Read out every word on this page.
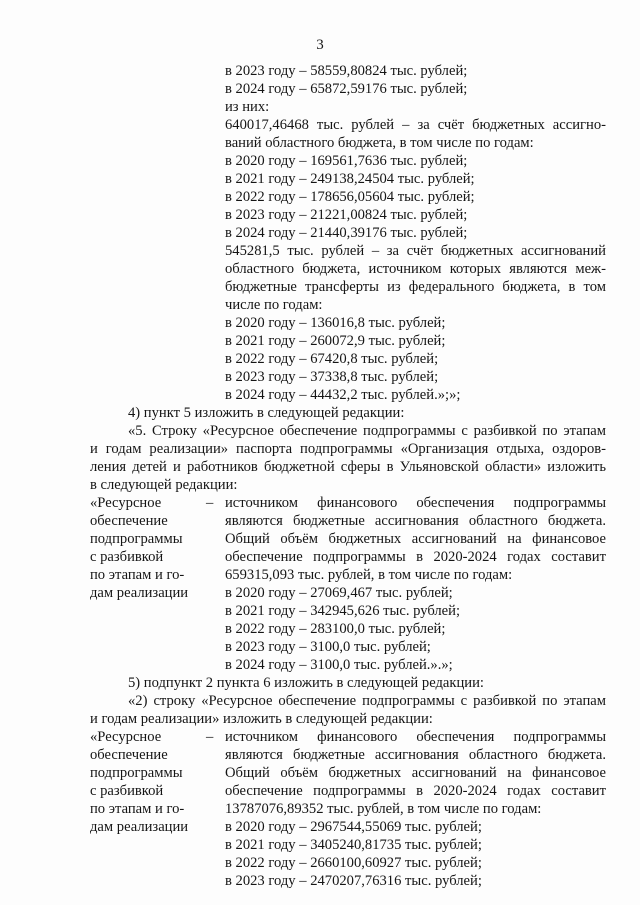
3
в 2023 году – 58559,80824 тыс. рублей;
в 2024 году – 65872,59176 тыс. рублей;
из них:
640017,46468 тыс. рублей – за счёт бюджетных ассигно-
ваний областного бюджета, в том числе по годам:
в 2020 году – 169561,7636 тыс. рублей;
в 2021 году – 249138,24504 тыс. рублей;
в 2022 году – 178656,05604 тыс. рублей;
в 2023 году – 21221,00824 тыс. рублей;
в 2024 году – 21440,39176 тыс. рублей;
545281,5 тыс. рублей – за счёт бюджетных ассигнований
областного бюджета, источником которых являются меж-
бюджетные трансферты из федерального бюджета, в том
числе по годам:
в 2020 году – 136016,8 тыс. рублей;
в 2021 году – 260072,9 тыс. рублей;
в 2022 году – 67420,8 тыс. рублей;
в 2023 году – 37338,8 тыс. рублей;
в 2024 году – 44432,2 тыс. рублей.»;»;
4) пункт 5 изложить в следующей редакции:
«5. Строку «Ресурсное обеспечение подпрограммы с разбивкой по этапам
и годам реализации» паспорта подпрограммы «Организация отдыха, оздоров-
ления детей и работников бюджетной сферы в Ульяновской области» изложить
в следующей редакции:
«Ресурсное
обеспечение
подпрограммы
с разбивкой
по этапам и го-
дам реализации
– источником финансового обеспечения подпрограммы
являются бюджетные ассигнования областного бюджета.
Общий объём бюджетных ассигнований на финансовое
обеспечение подпрограммы в 2020-2024 годах составит
659315,093 тыс. рублей, в том числе по годам:
в 2020 году – 27069,467 тыс. рублей;
в 2021 году – 342945,626 тыс. рублей;
в 2022 году – 283100,0 тыс. рублей;
в 2023 году – 3100,0 тыс. рублей;
в 2024 году – 3100,0 тыс. рублей.».»;
5) подпункт 2 пункта 6 изложить в следующей редакции:
«2) строку «Ресурсное обеспечение подпрограммы с разбивкой по этапам
и годам реализации» изложить в следующей редакции:
«Ресурсное
обеспечение
подпрограммы
с разбивкой
по этапам и го-
дам реализации
– источником финансового обеспечения подпрограммы
являются бюджетные ассигнования областного бюджета.
Общий объём бюджетных ассигнований на финансовое
обеспечение подпрограммы в 2020-2024 годах составит
13787076,89352 тыс. рублей, в том числе по годам:
в 2020 году – 2967544,55069 тыс. рублей;
в 2021 году – 3405240,81735 тыс. рублей;
в 2022 году – 2660100,60927 тыс. рублей;
в 2023 году – 2470207,76316 тыс. рублей;
